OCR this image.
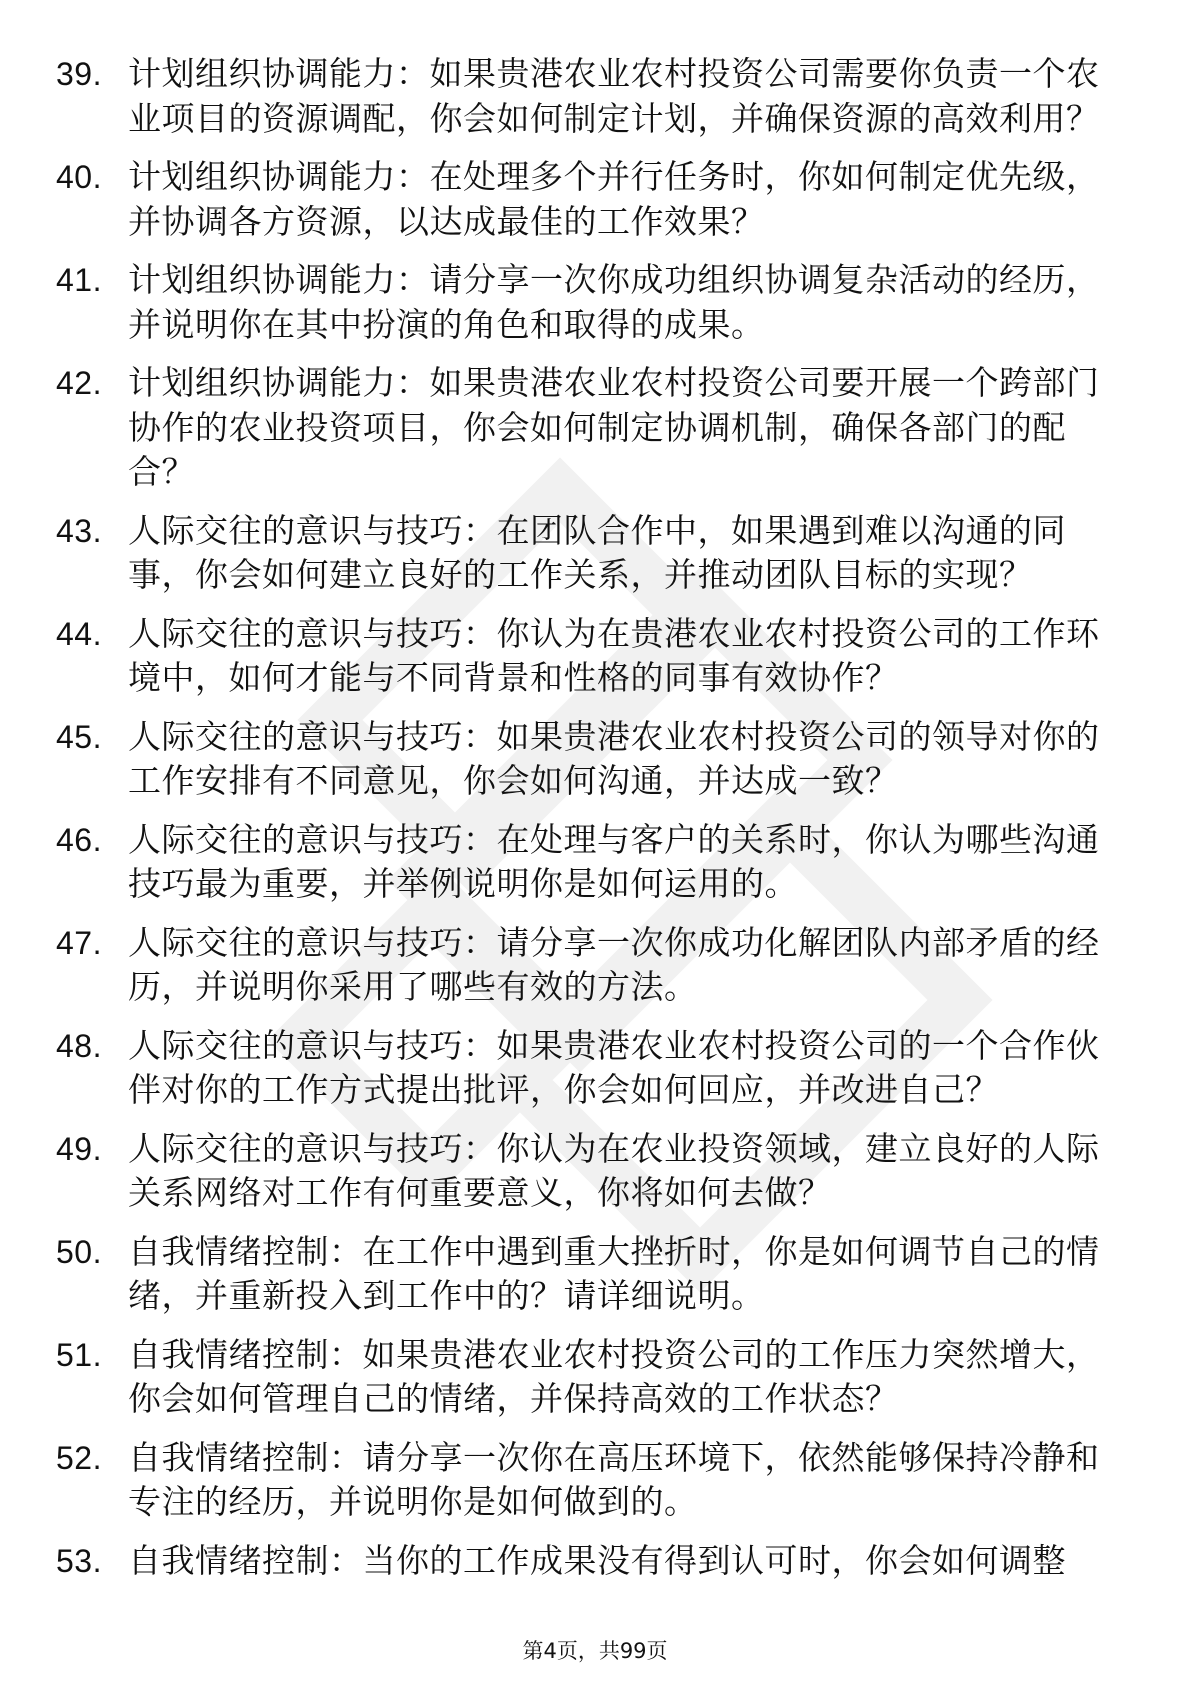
39. 计划组织协调能力：如果贵港农业农村投资公司需要你负责一个农业项目的资源调配，你会如何制定计划，并确保资源的高效利用？
40. 计划组织协调能力：在处理多个并行任务时，你如何制定优先级，并协调各方资源，以达成最佳的工作效果？
41. 计划组织协调能力：请分享一次你成功组织协调复杂活动的经历，并说明你在其中扮演的角色和取得的成果。
42. 计划组织协调能力：如果贵港农业农村投资公司要开展一个跨部门协作的农业投资项目，你会如何制定协调机制，确保各部门的配合？
43. 人际交往的意识与技巧：在团队合作中，如果遇到难以沟通的同事，你会如何建立良好的工作关系，并推动团队目标的实现？
44. 人际交往的意识与技巧：你认为在贵港农业农村投资公司的工作环境中，如何才能与不同背景和性格的同事有效协作？
45. 人际交往的意识与技巧：如果贵港农业农村投资公司的领导对你的工作安排有不同意见，你会如何沟通，并达成一致？
46. 人际交往的意识与技巧：在处理与客户的关系时，你认为哪些沟通技巧最为重要，并举例说明你是如何运用的。
47. 人际交往的意识与技巧：请分享一次你成功化解团队内部矛盾的经历，并说明你采用了哪些有效的方法。
48. 人际交往的意识与技巧：如果贵港农业农村投资公司的一个合作伙伴对你的工作方式提出批评，你会如何回应，并改进自己？
49. 人际交往的意识与技巧：你认为在农业投资领域，建立良好的人际关系网络对工作有何重要意义，你将如何去做？
50. 自我情绪控制：在工作中遇到重大挫折时，你是如何调节自己的情绪，并重新投入到工作中的？请详细说明。
51. 自我情绪控制：如果贵港农业农村投资公司的工作压力突然增大，你会如何管理自己的情绪，并保持高效的工作状态？
52. 自我情绪控制：请分享一次你在高压环境下，依然能够保持冷静和专注的经历，并说明你是如何做到的。
53. 自我情绪控制：当你的工作成果没有得到认可时，你会如何调整
第4页，共99页
